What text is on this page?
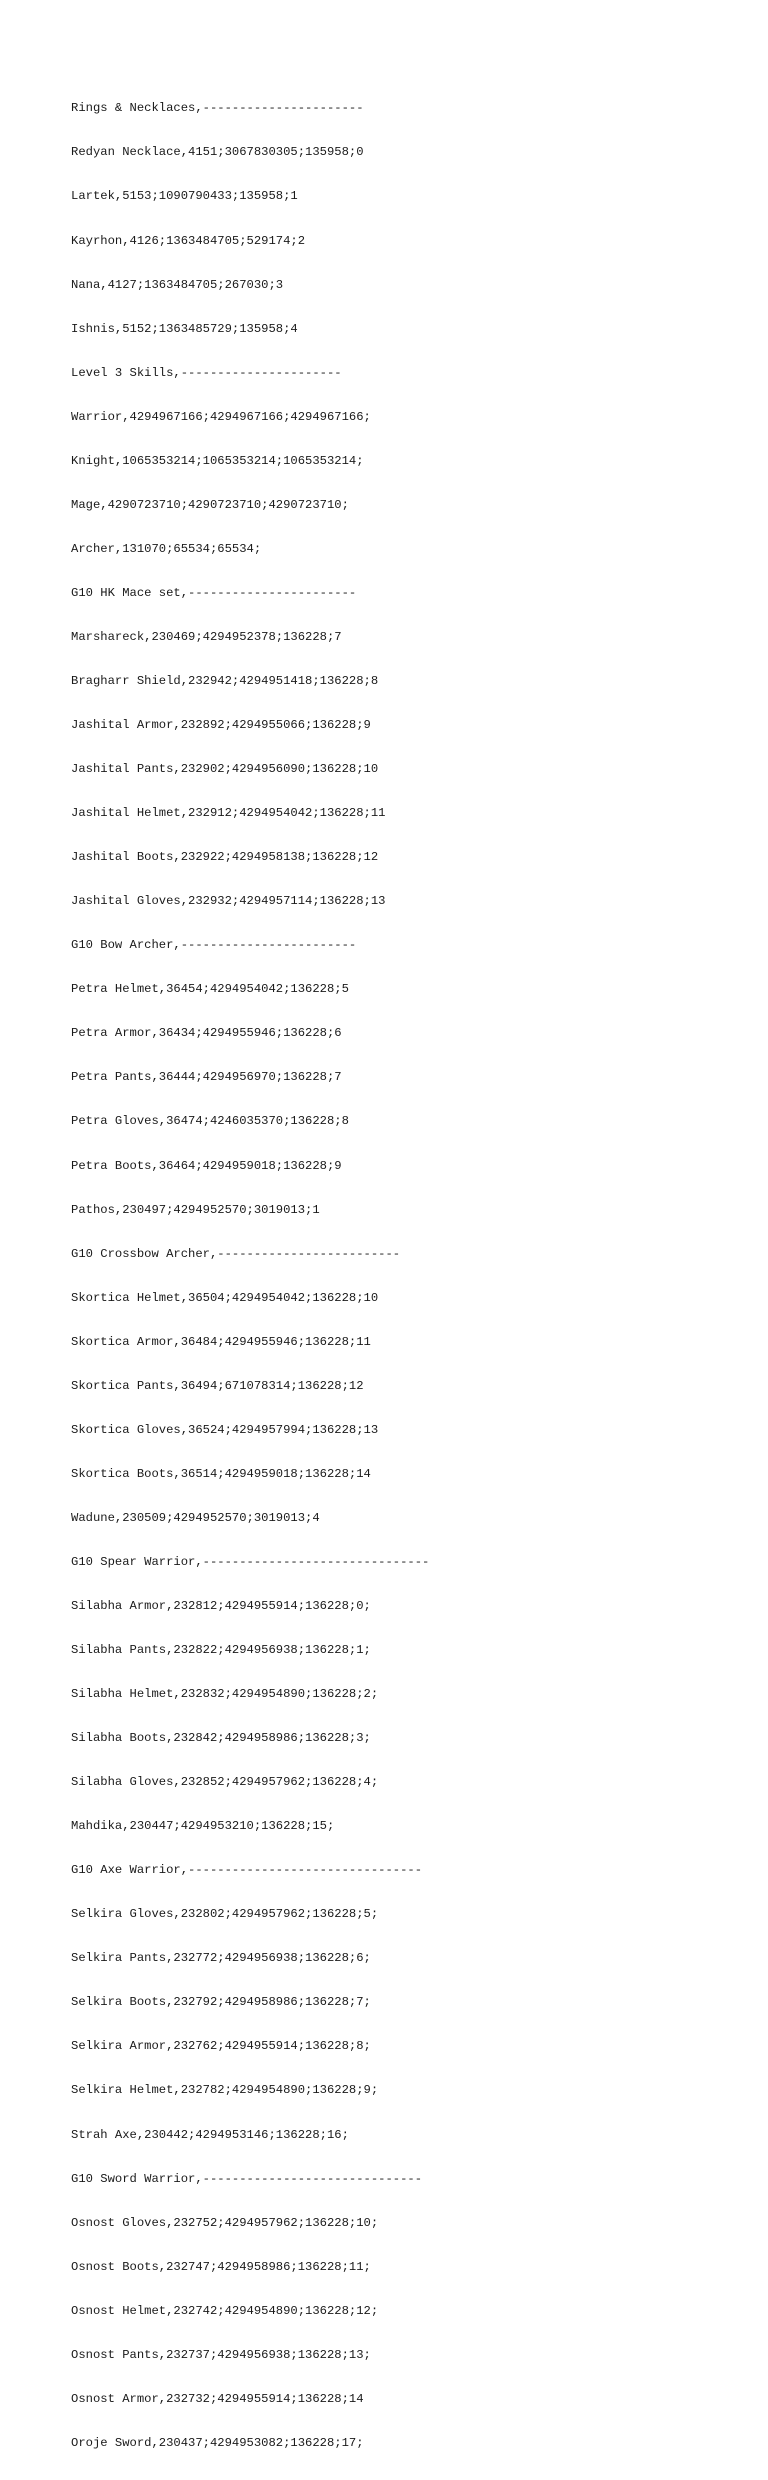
Rings & Necklaces,----------------------

Redyan Necklace,4151;3067830305;135958;0

Lartek,5153;1090790433;135958;1

Kayrhon,4126;1363484705;529174;2

Nana,4127;1363484705;267030;3

Ishnis,5152;1363485729;135958;4

Level 3 Skills,----------------------

Warrior,4294967166;4294967166;4294967166;

Knight,1065353214;1065353214;1065353214;

Mage,4290723710;4290723710;4290723710;

Archer,131070;65534;65534;

G10 HK Mace set,-----------------------

Marshareck,230469;4294952378;136228;7

Bragharr Shield,232942;4294951418;136228;8

Jashital Armor,232892;4294955066;136228;9

Jashital Pants,232902;4294956090;136228;10

Jashital Helmet,232912;4294954042;136228;11

Jashital Boots,232922;4294958138;136228;12

Jashital Gloves,232932;4294957114;136228;13

G10 Bow Archer,------------------------

Petra Helmet,36454;4294954042;136228;5

Petra Armor,36434;4294955946;136228;6

Petra Pants,36444;4294956970;136228;7

Petra Gloves,36474;4246035370;136228;8

Petra Boots,36464;4294959018;136228;9

Pathos,230497;4294952570;3019013;1

G10 Crossbow Archer,-------------------------

Skortica Helmet,36504;4294954042;136228;10

Skortica Armor,36484;4294955946;136228;11

Skortica Pants,36494;671078314;136228;12

Skortica Gloves,36524;4294957994;136228;13

Skortica Boots,36514;4294959018;136228;14

Wadune,230509;4294952570;3019013;4

G10 Spear Warrior,-------------------------------

Silabha Armor,232812;4294955914;136228;0;

Silabha Pants,232822;4294956938;136228;1;

Silabha Helmet,232832;4294954890;136228;2;

Silabha Boots,232842;4294958986;136228;3;

Silabha Gloves,232852;4294957962;136228;4;

Mahdika,230447;4294953210;136228;15;

G10 Axe Warrior,--------------------------------

Selkira Gloves,232802;4294957962;136228;5;

Selkira Pants,232772;4294956938;136228;6;

Selkira Boots,232792;4294958986;136228;7;

Selkira Armor,232762;4294955914;136228;8;

Selkira Helmet,232782;4294954890;136228;9;

Strah Axe,230442;4294953146;136228;16;

G10 Sword Warrior,------------------------------

Osnost Gloves,232752;4294957962;136228;10;

Osnost Boots,232747;4294958986;136228;11;

Osnost Helmet,232742;4294954890;136228;12;

Osnost Pants,232737;4294956938;136228;13;

Osnost Armor,232732;4294955914;136228;14

Oroje Sword,230437;4294953082;136228;17;
